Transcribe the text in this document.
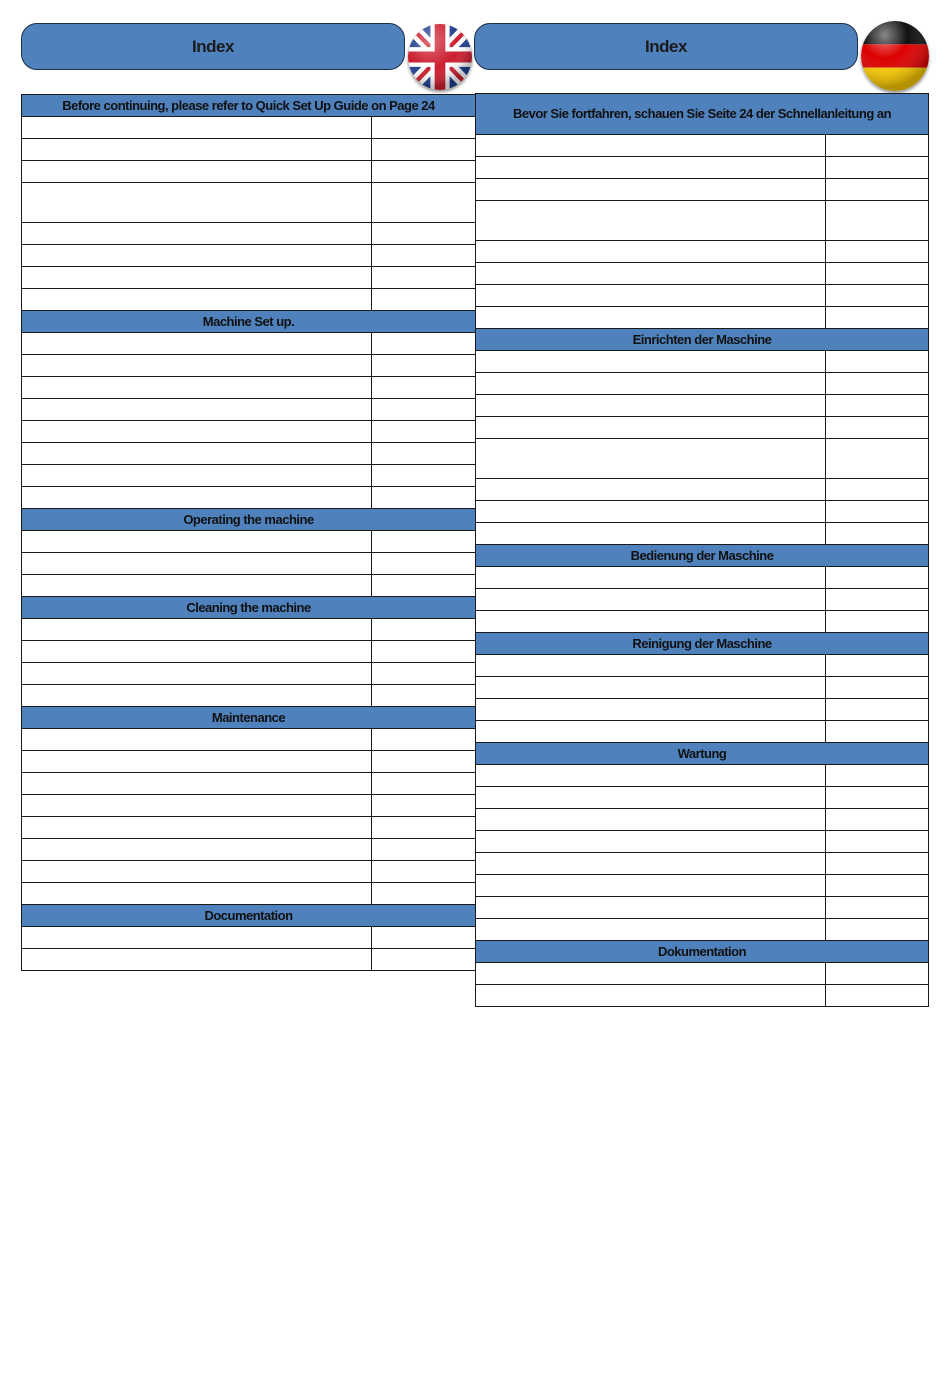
Index	Index
Before continuing, please refer to Quick Set Up Guide on Page 24	

Machine Set up.	

Operating the machine	

Cleaning the machine	

Maintenance	

Documentation	

Bevor Sie fortfahren, schauen Sie Seite 24 der Schnellanleitung an	

Einrichten der Maschine	

Bedienung der Maschine	

Reinigung der Maschine	

Wartung	

Dokumentation	
